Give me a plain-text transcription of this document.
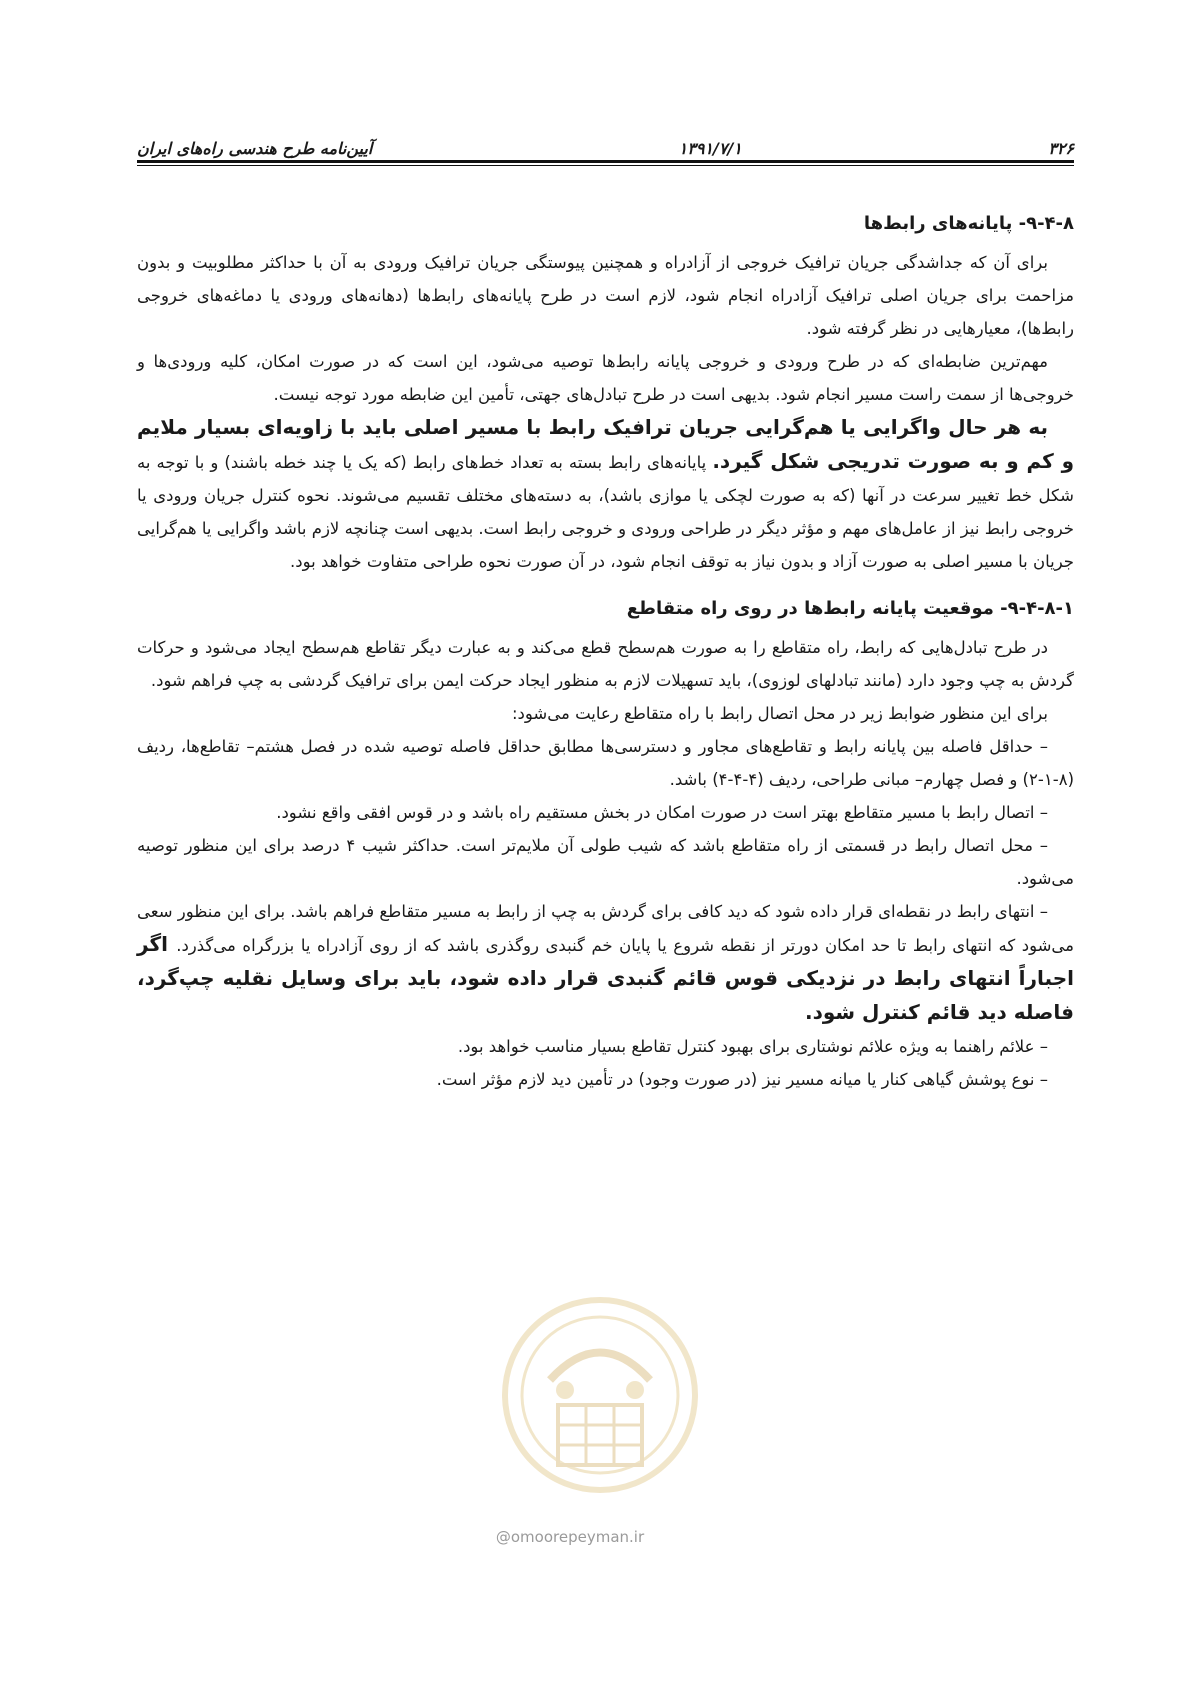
۳۲۶
۱۳۹۱/۷/۱
آیین‌نامه طرح هندسی راه‌های ایران

۹-۴-۸- پایانه‌های رابط‌ها

برای آن که جداشدگی جریان ترافیک خروجی از آزادراه و همچنین پیوستگی جریان ترافیک ورودی به آن با حداکثر مطلوبیت و بدون مزاحمت برای جریان اصلی ترافیک آزادراه انجام شود، لازم است در طرح پایانه‌های رابط‌ها (دهانه‌های ورودی یا دماغه‌های خروجی رابط‌ها)، معیارهایی در نظر گرفته شود.

مهم‌ترین ضابطه‌ای که در طرح ورودی و خروجی پایانه رابط‌ها توصیه می‌شود، این است که در صورت امکان، کلیه ورودی‌ها و خروجی‌ها از سمت راست مسیر انجام شود. بدیهی است در طرح تبادل‌های جهتی، تأمین این ضابطه مورد توجه نیست.

به هر حال واگرایی یا هم‌گرایی جریان ترافیک رابط با مسیر اصلی باید با زاویه‌ای بسیار ملایم و کم و به صورت تدریجی شکل گیرد. پایانه‌های رابط بسته به تعداد خط‌های رابط (که یک یا چند خطه باشند) و با توجه به شکل خط تغییر سرعت در آنها (که به صورت لچکی یا موازی باشد)، به دسته‌های مختلف تقسیم می‌شوند. نحوه کنترل جریان ورودی یا خروجی رابط نیز از عامل‌های مهم و مؤثر دیگر در طراحی ورودی و خروجی رابط است. بدیهی است چنانچه لازم باشد واگرایی یا هم‌گرایی جریان با مسیر اصلی به صورت آزاد و بدون نیاز به توقف انجام شود، در آن صورت نحوه طراحی متفاوت خواهد بود.

۹-۴-۸-۱- موقعیت پایانه رابط‌ها در روی راه متقاطع

در طرح تبادل‌هایی که رابط، راه متقاطع را به صورت هم‌سطح قطع می‌کند و به عبارت دیگر تقاطع هم‌سطح ایجاد می‌شود و حرکات گردش به چپ وجود دارد (مانند تبادلهای لوزوی)، باید تسهیلات لازم به منظور ایجاد حرکت ایمن برای ترافیک گردشی به چپ فراهم شود.

برای این منظور ضوابط زیر در محل اتصال رابط با راه متقاطع رعایت می‌شود:

– حداقل فاصله بین پایانه رابط و تقاطع‌های مجاور و دسترسی‌ها مطابق حداقل فاصله توصیه شده در فصل هشتم– تقاطع‌ها، ردیف (۸-۱-۲) و فصل چهارم– مبانی طراحی، ردیف (۴-۴-۴) باشد.

– اتصال رابط با مسیر متقاطع بهتر است در صورت امکان در بخش مستقیم راه باشد و در قوس افقی واقع نشود.

– محل اتصال رابط در قسمتی از راه متقاطع باشد که شیب طولی آن ملایم‌تر است. حداکثر شیب ۴ درصد برای این منظور توصیه می‌شود.

– انتهای رابط در نقطه‌ای قرار داده شود که دید کافی برای گردش به چپ از رابط به مسیر متقاطع فراهم باشد. برای این منظور سعی می‌شود که انتهای رابط تا حد امکان دورتر از نقطه شروع یا پایان خم گنبدی روگذری باشد که از روی آزادراه یا بزرگراه می‌گذرد. اگر اجباراً انتهای رابط در نزدیکی قوس قائم گنبدی قرار داده شود، باید برای وسایل نقلیه چپ‌گرد، فاصله دید قائم کنترل شود.

– علائم راهنما به ویژه علائم نوشتاری برای بهبود کنترل تقاطع بسیار مناسب خواهد بود.

– نوع پوشش گیاهی کنار یا میانه مسیر نیز (در صورت وجود) در تأمین دید لازم مؤثر است.

@omoorepeyman.ir
